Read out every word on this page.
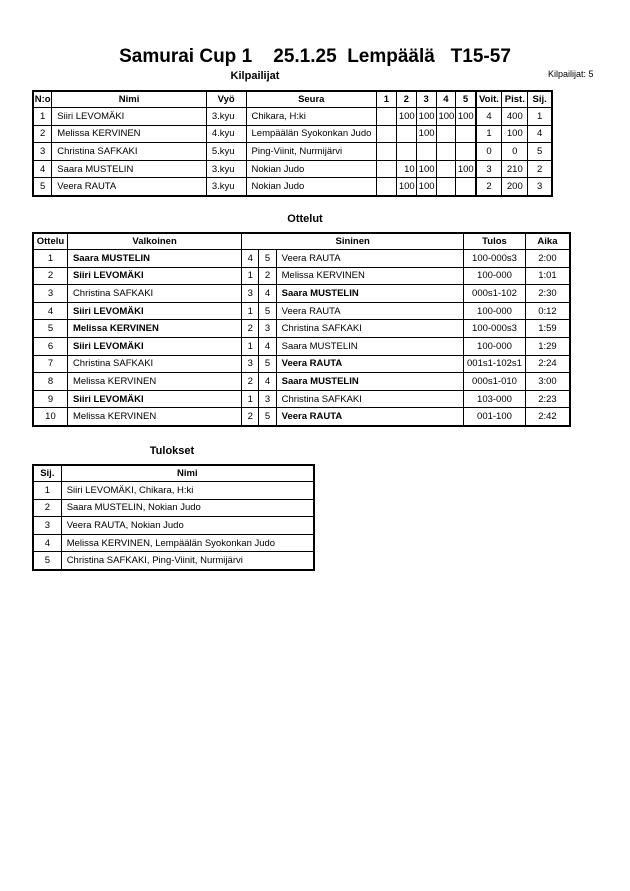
Samurai Cup 1    25.1.25  Lempäälä   T15-57
Kilpailijat: 5
Kilpailijat
N:o	Nimi	Vyö	Seura	1	2	3	4	5	Voit.	Pist.	Sij.
1	Siiri LEVOMÄKI	3.kyu	Chikara, H:ki		100	100	100	100	4	400	1
2	Melissa KERVINEN	4.kyu	Lempäälän Syokonkan Judo			100			1	100	4
3	Christina SAFKAKI	5.kyu	Ping-Viinit, Nurmijärvi						0	0	5
4	Saara MUSTELIN	3.kyu	Nokian Judo		10	100		100	3	210	2
5	Veera RAUTA	3.kyu	Nokian Judo		100	100			2	200	3
Ottelut
Ottelu	Valkoinen	Sininen			Tulos	Aika
1	Saara MUSTELIN	4	5	Veera RAUTA	100-000s3	2:00
2	Siiri LEVOMÄKI	1	2	Melissa KERVINEN	100-000	1:01
3	Christina SAFKAKI	3	4	Saara MUSTELIN	000s1-102	2:30
4	Siiri LEVOMÄKI	1	5	Veera RAUTA	100-000	0:12
5	Melissa KERVINEN	2	3	Christina SAFKAKI	100-000s3	1:59
6	Siiri LEVOMÄKI	1	4	Saara MUSTELIN	100-000	1:29
7	Christina SAFKAKI	3	5	Veera RAUTA	001s1-102s1	2:24
8	Melissa KERVINEN	2	4	Saara MUSTELIN	000s1-010	3:00
9	Siiri LEVOMÄKI	1	3	Christina SAFKAKI	103-000	2:23
10	Melissa KERVINEN	2	5	Veera RAUTA	001-100	2:42
Tulokset
Sij.	Nimi
1	Siiri LEVOMÄKI, Chikara, H:ki
2	Saara MUSTELIN, Nokian Judo
3	Veera RAUTA, Nokian Judo
4	Melissa KERVINEN, Lempäälän Syokonkan Judo
5	Christina SAFKAKI, Ping-Viinit, Nurmijärvi
